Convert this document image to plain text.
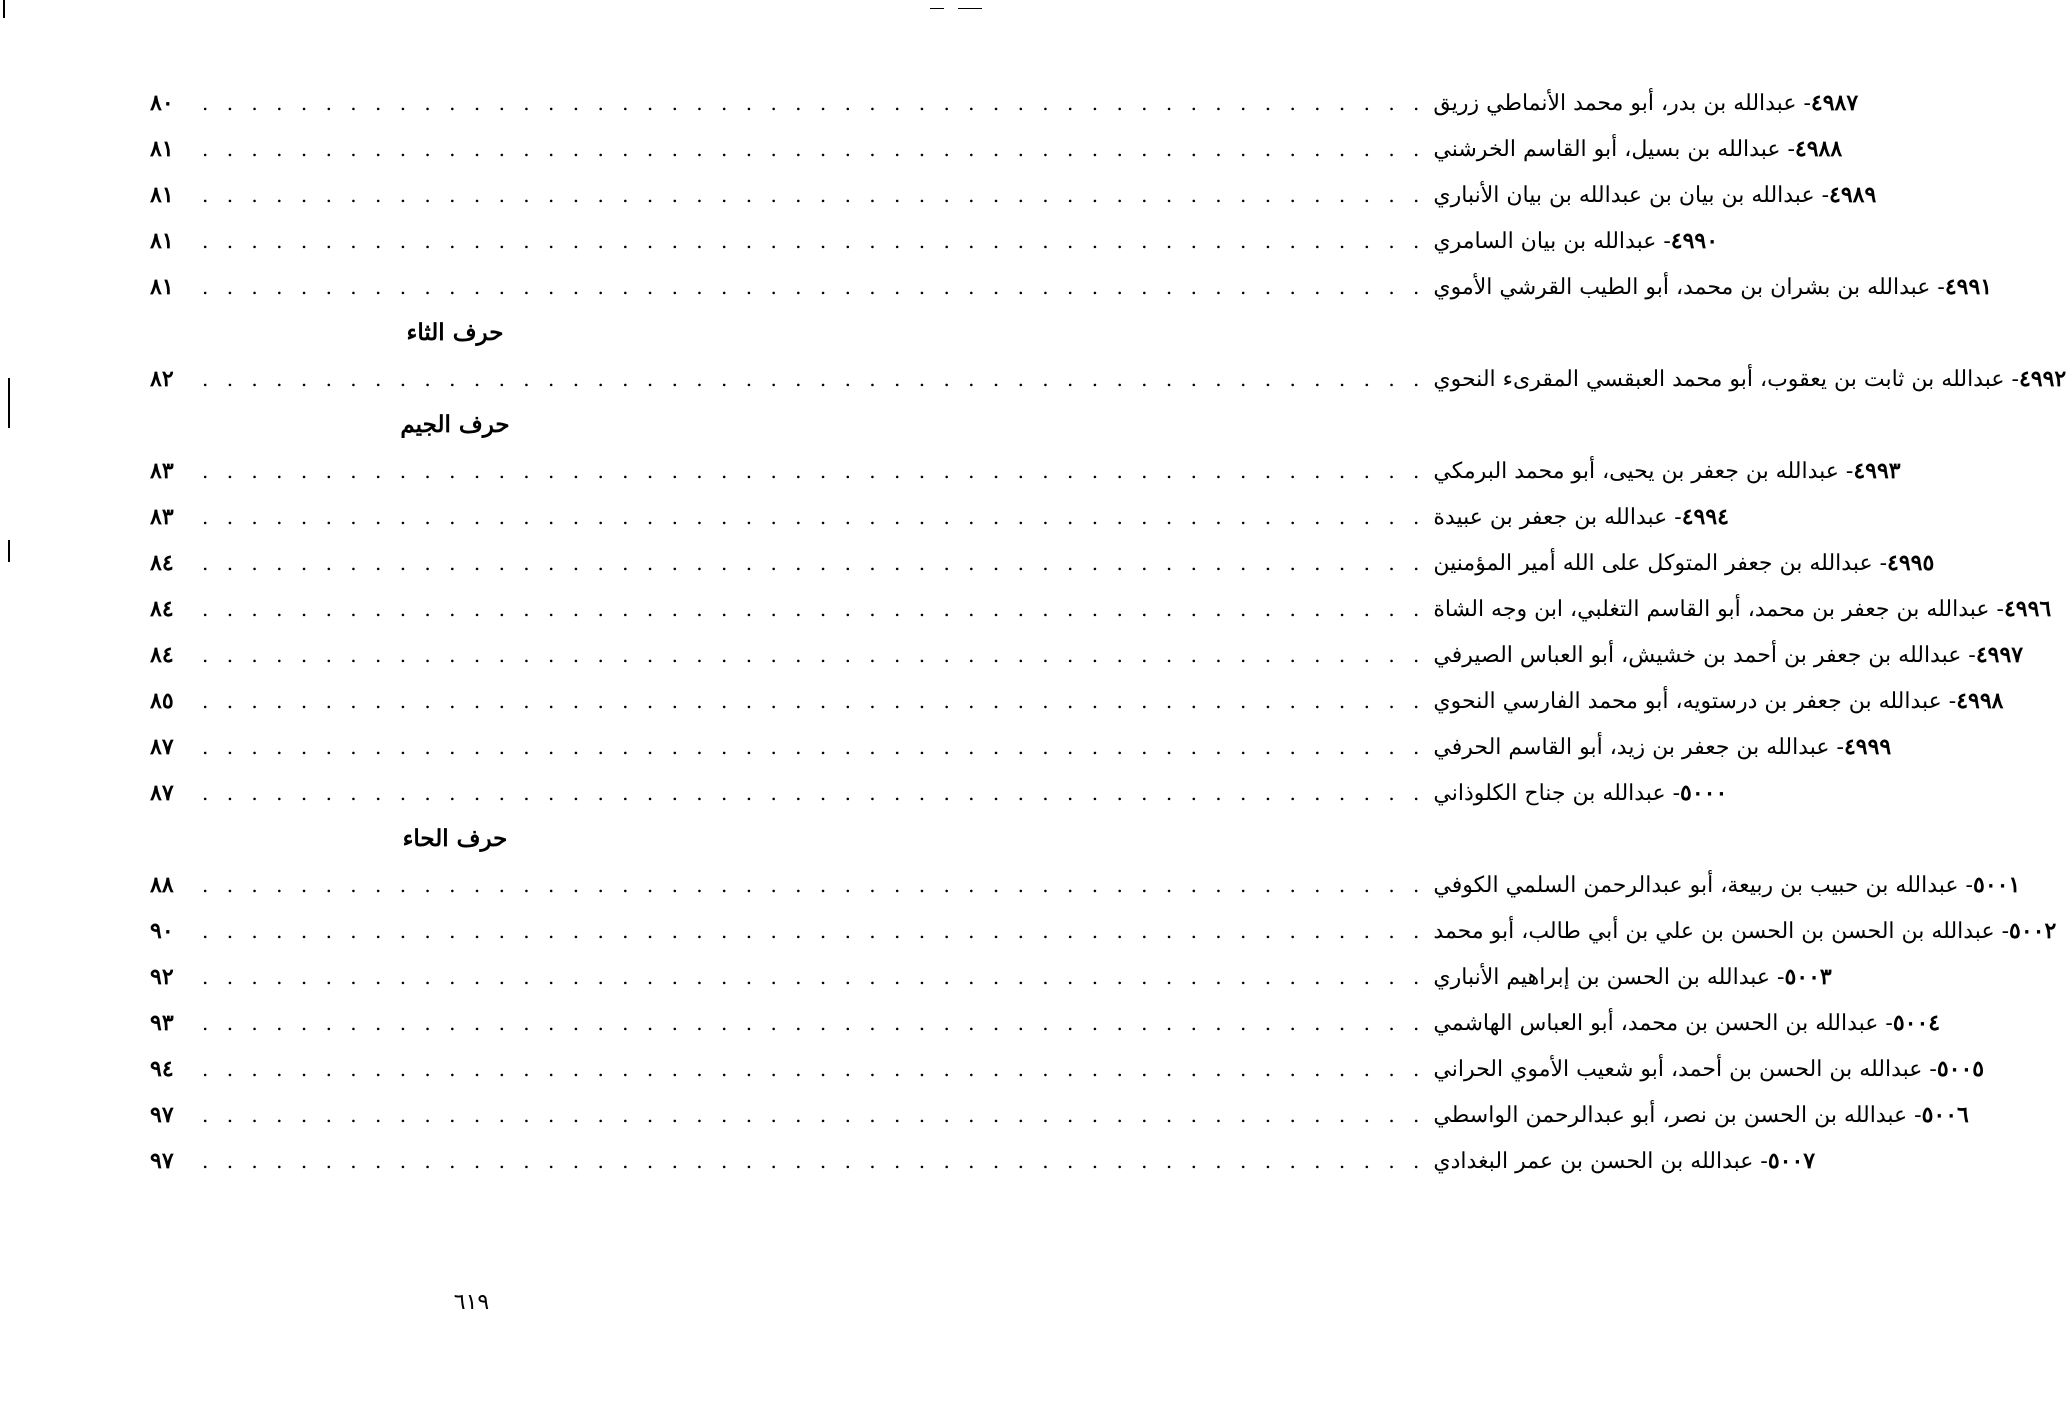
٨٠	. . . . . . . . . . . . . . . . . . . . . . . . . . . . . . . . . . . . . . . . . . . . . . . . . .	٤٩٨٧- عبدالله بن بدر، أبو محمد الأنماطي زريق
٨١	. . . . . . . . . . . . . . . . . . . . . . . . . . . . . . . . . . . . . . . . . . . . . . . . . .	٤٩٨٨- عبدالله بن بسيل، أبو القاسم الخرشني
٨١	. . . . . . . . . . . . . . . . . . . . . . . . . . . . . . . . . . . . . . . . . . . . . . . . . .	٤٩٨٩- عبدالله بن بيان بن عبدالله بن بيان الأنباري
٨١	. . . . . . . . . . . . . . . . . . . . . . . . . . . . . . . . . . . . . . . . . . . . . . . . . .	٤٩٩٠- عبدالله بن بيان السامري
٨١	. . . . . . . . . . . . . . . . . . . . . . . . . . . . . . . . . . . . . . . . . . . . . . . . . .	٤٩٩١- عبدالله بن بشران بن محمد، أبو الطيب القرشي الأموي
حرف الثاء
٨٢	. . . . . . . . . . . . . . . . . . . . . . . . . . . . . . . . . . . . . . . . . . . . . . . . . .	٤٩٩٢- عبدالله بن ثابت بن يعقوب، أبو محمد العبقسي المقرىء النحوي
حرف الجيم
٨٣	. . . . . . . . . . . . . . . . . . . . . . . . . . . . . . . . . . . . . . . . . . . . . . . . . .	٤٩٩٣- عبدالله بن جعفر بن يحيى، أبو محمد البرمكي
٨٣	. . . . . . . . . . . . . . . . . . . . . . . . . . . . . . . . . . . . . . . . . . . . . . . . . .	٤٩٩٤- عبدالله بن جعفر بن عبيدة
٨٤	. . . . . . . . . . . . . . . . . . . . . . . . . . . . . . . . . . . . . . . . . . . . . . . . . .	٤٩٩٥- عبدالله بن جعفر المتوكل على الله أمير المؤمنين
٨٤	. . . . . . . . . . . . . . . . . . . . . . . . . . . . . . . . . . . . . . . . . . . . . . . . . .	٤٩٩٦- عبدالله بن جعفر بن محمد، أبو القاسم التغلبي، ابن وجه الشاة
٨٤	. . . . . . . . . . . . . . . . . . . . . . . . . . . . . . . . . . . . . . . . . . . . . . . . . .	٤٩٩٧- عبدالله بن جعفر بن أحمد بن خشيش، أبو العباس الصيرفي
٨٥	. . . . . . . . . . . . . . . . . . . . . . . . . . . . . . . . . . . . . . . . . . . . . . . . . .	٤٩٩٨- عبدالله بن جعفر بن درستويه، أبو محمد الفارسي النحوي
٨٧	. . . . . . . . . . . . . . . . . . . . . . . . . . . . . . . . . . . . . . . . . . . . . . . . . .	٤٩٩٩- عبدالله بن جعفر بن زيد، أبو القاسم الحرفي
٨٧	. . . . . . . . . . . . . . . . . . . . . . . . . . . . . . . . . . . . . . . . . . . . . . . . . .	٥٠٠٠- عبدالله بن جناح الكلوذاني
حرف الحاء
٨٨	. . . . . . . . . . . . . . . . . . . . . . . . . . . . . . . . . . . . . . . . . . . . . . . . . .	٥٠٠١- عبدالله بن حبيب بن ربيعة، أبو عبدالرحمن السلمي الكوفي
٩٠	. . . . . . . . . . . . . . . . . . . . . . . . . . . . . . . . . . . . . . . . . . . . . . . . . .	٥٠٠٢- عبدالله بن الحسن بن الحسن بن علي بن أبي طالب، أبو محمد
٩٢	. . . . . . . . . . . . . . . . . . . . . . . . . . . . . . . . . . . . . . . . . . . . . . . . . .	٥٠٠٣- عبدالله بن الحسن بن إبراهيم الأنباري
٩٣	. . . . . . . . . . . . . . . . . . . . . . . . . . . . . . . . . . . . . . . . . . . . . . . . . .	٥٠٠٤- عبدالله بن الحسن بن محمد، أبو العباس الهاشمي
٩٤	. . . . . . . . . . . . . . . . . . . . . . . . . . . . . . . . . . . . . . . . . . . . . . . . . .	٥٠٠٥- عبدالله بن الحسن بن أحمد، أبو شعيب الأموي الحراني
٩٧	. . . . . . . . . . . . . . . . . . . . . . . . . . . . . . . . . . . . . . . . . . . . . . . . . .	٥٠٠٦- عبدالله بن الحسن بن نصر، أبو عبدالرحمن الواسطي
٩٧	. . . . . . . . . . . . . . . . . . . . . . . . . . . . . . . . . . . . . . . . . . . . . . . . . .	٥٠٠٧- عبدالله بن الحسن بن عمر البغدادي
٦١٩
